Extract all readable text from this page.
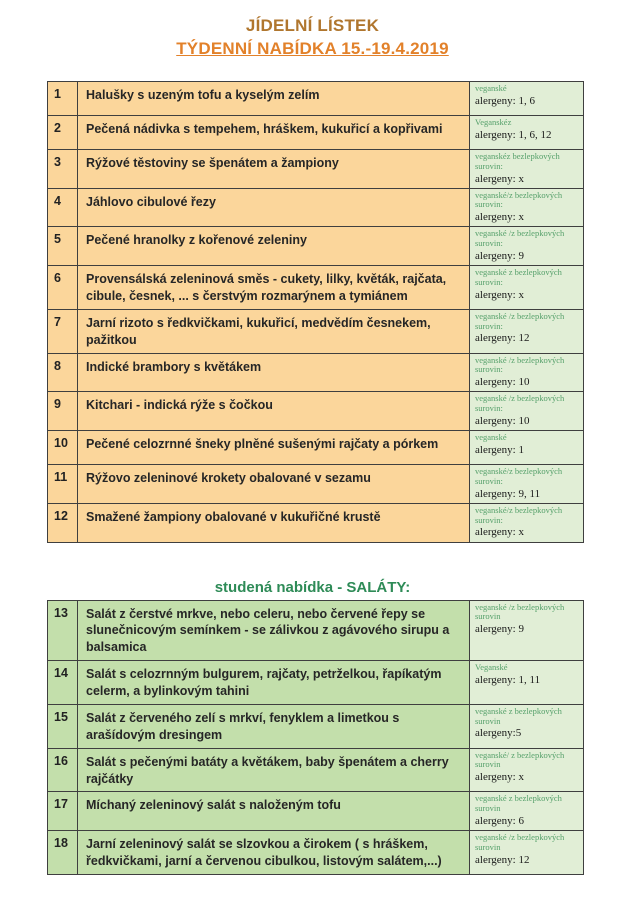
JÍDELNÍ LÍSTEK
TÝDENNÍ NABÍDKA 15.-19.4.2019
1	Halušky s uzeným tofu a kyselým zelím	veganské
alergeny: 1, 6

2	Pečená nádivka s tempehem, hráškem, kukuřicí a kopřivami	Veganskéz
alergeny: 1, 6, 12

3	Rýžové těstoviny se špenátem a žampiony	veganskéz bezlepkových surovin:
alergeny: x

4	Jáhlovo cibulové řezy	veganské/z bezlepkových surovin:
alergeny: x

5	Pečené hranolky z kořenové zeleniny	veganské /z bezlepkových surovin:
alergeny: 9

6	Provensálská zeleninová směs - cukety, lilky, květák, rajčata, cibule, česnek, ... s čerstvým rozmarýnem a tymiánem	veganské z bezlepkových surovin:
alergeny: x

7	Jarní rizoto s ředkvičkami, kukuřicí, medvědím česnekem, pažitkou	veganské /z bezlepkových surovin:
alergeny: 12

8	Indické brambory s květákem	veganské /z bezlepkových surovin:
alergeny: 10

9	Kitchari - indická rýže s čočkou	veganské /z bezlepkových surovin:
alergeny: 10

10	Pečené celozrnné šneky plněné sušenými rajčaty a pórkem	veganské
alergeny: 1

11	Rýžovo zeleninové krokety obalované v sezamu	veganské/z bezlepkových surovin:
alergeny: 9, 11

12	Smažené žampiony obalované v kukuřičné krustě	veganské/z bezlepkových surovin:
alergeny: x
studená nabídka - SALÁTY:
13	Salát z čerstvé mrkve, nebo celeru, nebo červené řepy se slunečnicovým semínkem - se zálivkou z agávového sirupu a balsamica	veganské /z bezlepkových surovin
alergeny: 9

14	Salát s celozrnným bulgurem, rajčaty, petrželkou, řapíkatým celerm, a bylinkovým tahini	Veganské
alergeny: 1, 11

15	Salát z červeného zelí s mrkví, fenyklem a limetkou s arašídovým dresingem	veganské z bezlepkových surovin
alergeny:5

16	Salát s pečenými batáty a květákem, baby špenátem a cherry rajčátky	veganské/ z bezlepkových surovin
alergeny: x

17	Míchaný zeleninový salát s naloženým tofu	veganské z bezlepkových surovin
alergeny: 6

18	Jarní zeleninový salát se slzovkou a čirokem ( s hráškem, ředkvičkami, jarní a červenou cibulkou, listovým salátem,...)	veganské /z bezlepkových surovin
alergeny: 12
